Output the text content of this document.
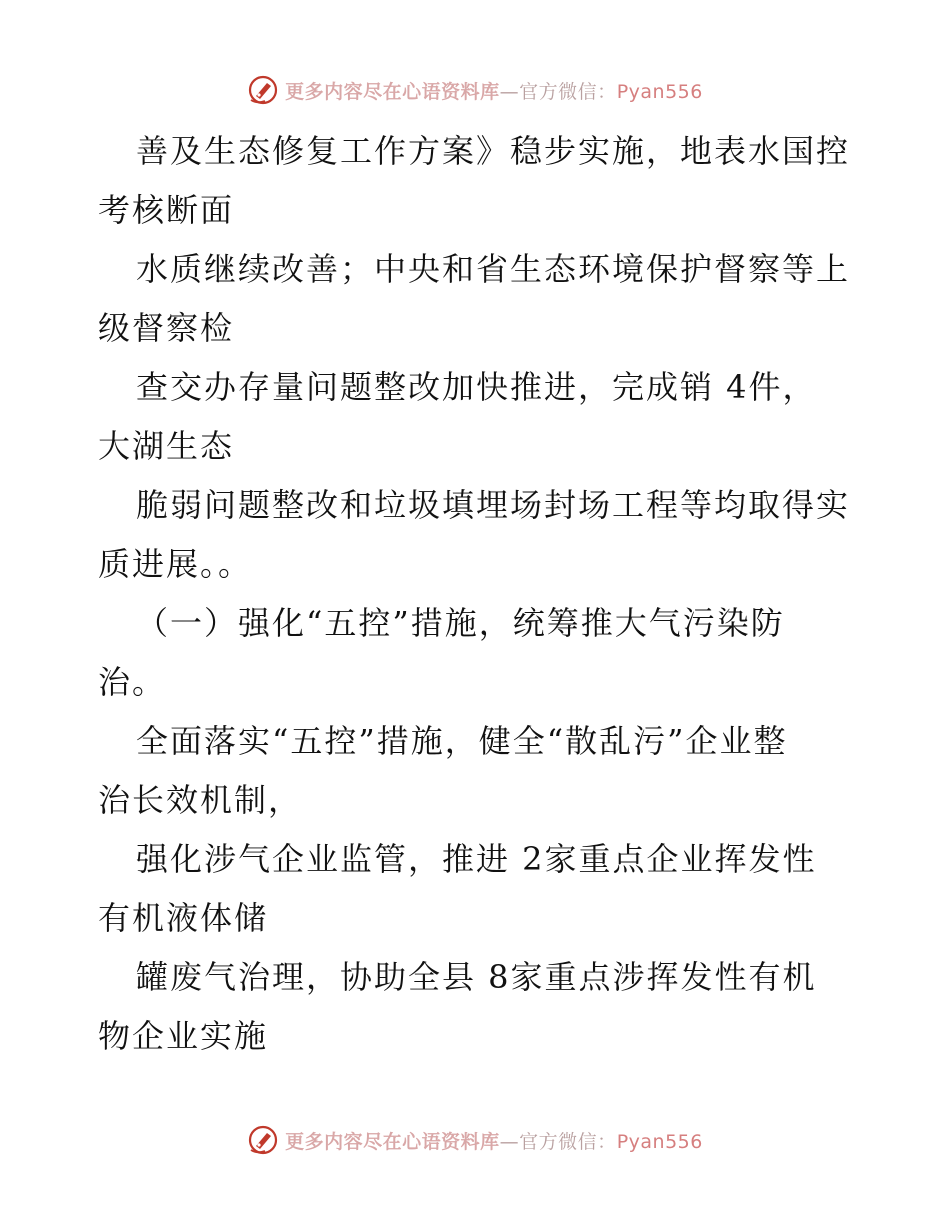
更多内容尽在心语资料库—官方微信：Pyan556
善及生态修复工作方案》稳步实施，地表水国控
考核断面
水质继续改善；中央和省生态环境保护督察等上
级督察检
查交办存量问题整改加快推进，完成销 4件，
大湖生态
脆弱问题整改和垃圾填埋场封场工程等均取得实
质进展。。
（一）强化“五控”措施，统筹推大气污染防
治。
全面落实“五控”措施，健全“散乱污”企业整
治长效机制，
强化涉气企业监管，推进 2家重点企业挥发性
有机液体储
罐废气治理，协助全县 8家重点涉挥发性有机
物企业实施
更多内容尽在心语资料库—官方微信：Pyan556
